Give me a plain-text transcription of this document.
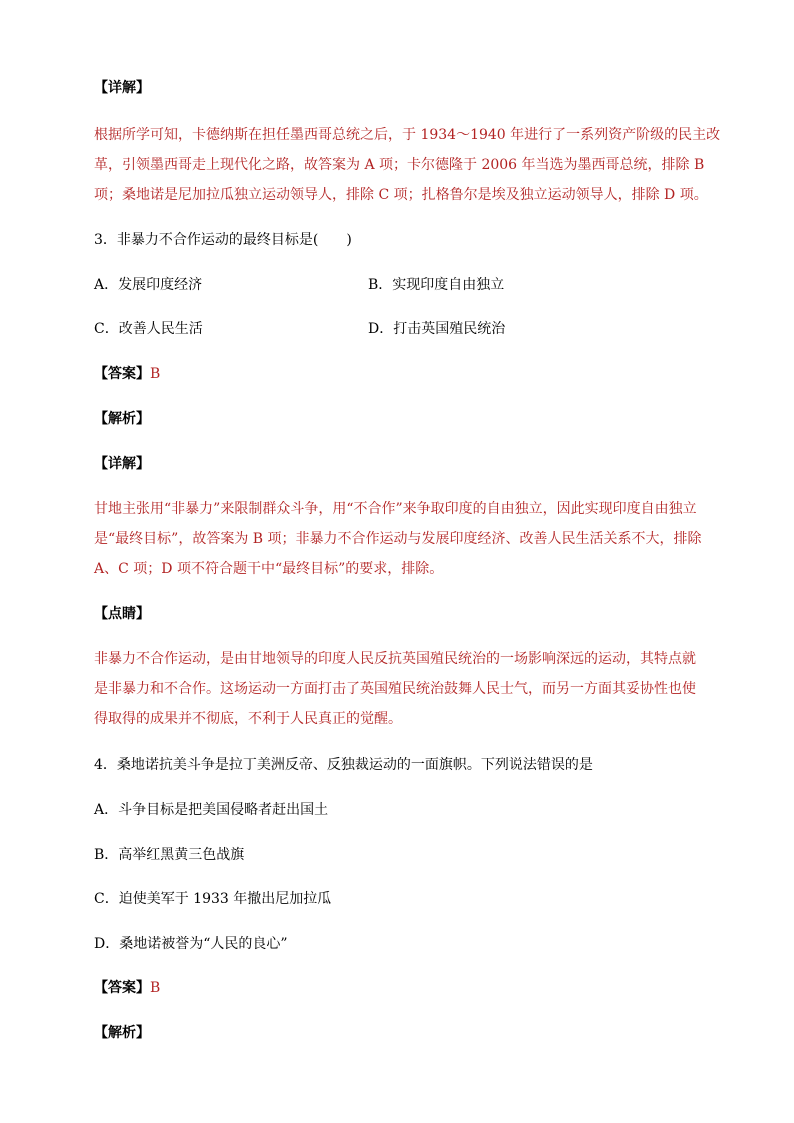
【详解】
根据所学可知，卡德纳斯在担任墨西哥总统之后，于 1934～1940 年进行了一系列资产阶级的民主改
革，引领墨西哥走上现代化之路，故答案为 A 项；卡尔德隆于 2006 年当选为墨西哥总统，排除 B
项；桑地诺是尼加拉瓜独立运动领导人，排除 C 项；扎格鲁尔是埃及独立运动领导人，排除 D 项。
3．非暴力不合作运动的最终目标是(　　)
A．发展印度经济	B．实现印度自由独立
C．改善人民生活	D．打击英国殖民统治
【答案】B
【解析】
【详解】
甘地主张用“非暴力”来限制群众斗争，用“不合作”来争取印度的自由独立，因此实现印度自由独立
是“最终目标”，故答案为 B 项；非暴力不合作运动与发展印度经济、改善人民生活关系不大，排除
A、C 项；D 项不符合题干中“最终目标”的要求，排除。
【点睛】
非暴力不合作运动，是由甘地领导的印度人民反抗英国殖民统治的一场影响深远的运动，其特点就
是非暴力和不合作。这场运动一方面打击了英国殖民统治鼓舞人民士气，而另一方面其妥协性也使
得取得的成果并不彻底，不利于人民真正的觉醒。
4．桑地诺抗美斗争是拉丁美洲反帝、反独裁运动的一面旗帜。下列说法错误的是
A．斗争目标是把美国侵略者赶出国土
B．高举红黑黄三色战旗
C．迫使美军于 1933 年撤出尼加拉瓜
D．桑地诺被誉为“人民的良心”
【答案】B
【解析】
